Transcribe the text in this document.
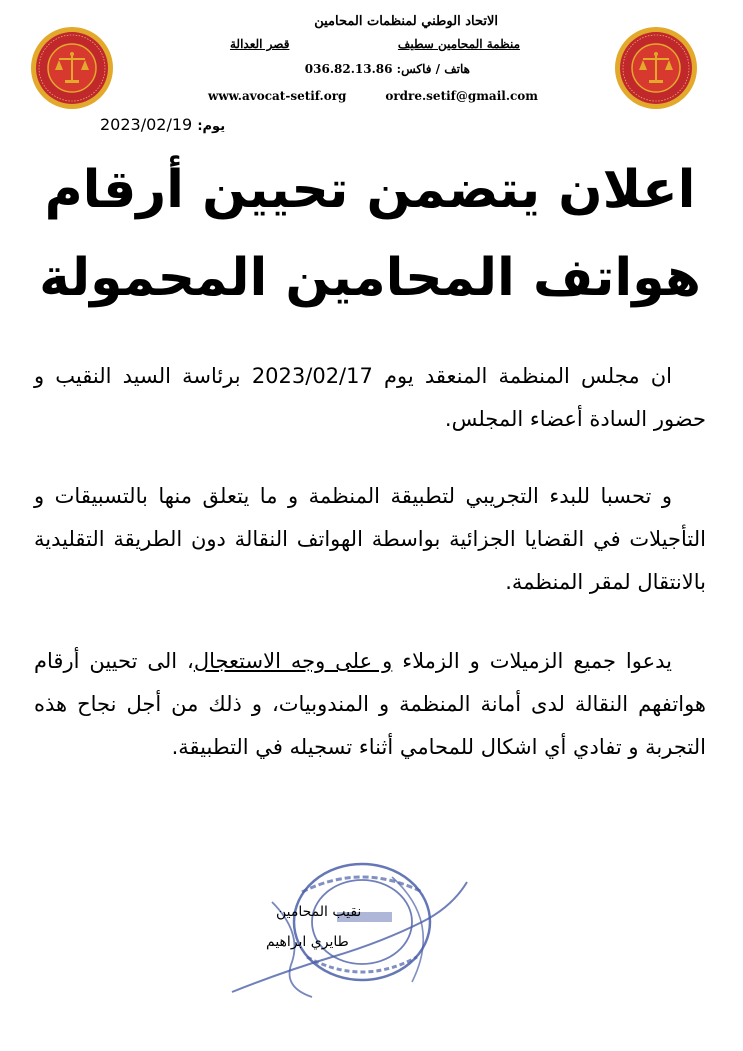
الاتحاد الوطني لمنظمات المحامين
منظمة المحامين سطيف
قصر العدالة
هاتف / فاكس: 036.82.13.86
www.avocat-setif.org	ordre.setif@gmail.com
2023/02/19 يوم:
اعلان يتضمن تحيين أرقام
هواتف المحامين المحمولة
ان مجلس المنظمة المنعقد يوم 2023/02/17 برئاسة السيد النقيب و حضور السادة أعضاء المجلس.
و تحسبا للبدء التجريبي لتطبيقة المنظمة و ما يتعلق منها بالتسبيقات و التأجيلات في القضايا الجزائية بواسطة الهواتف النقالة دون الطريقة التقليدية بالانتقال لمقر المنظمة.
يدعوا جميع الزميلات و الزملاء و على وجه الاستعجال، الى تحيين أرقام هواتفهم النقالة لدى أمانة المنظمة و المندوبيات، و ذلك من أجل نجاح هذه التجربة و تفادي أي اشكال للمحامي أثناء تسجيله في التطبيقة.
نقيب المحامين
طايري ابراهيم
